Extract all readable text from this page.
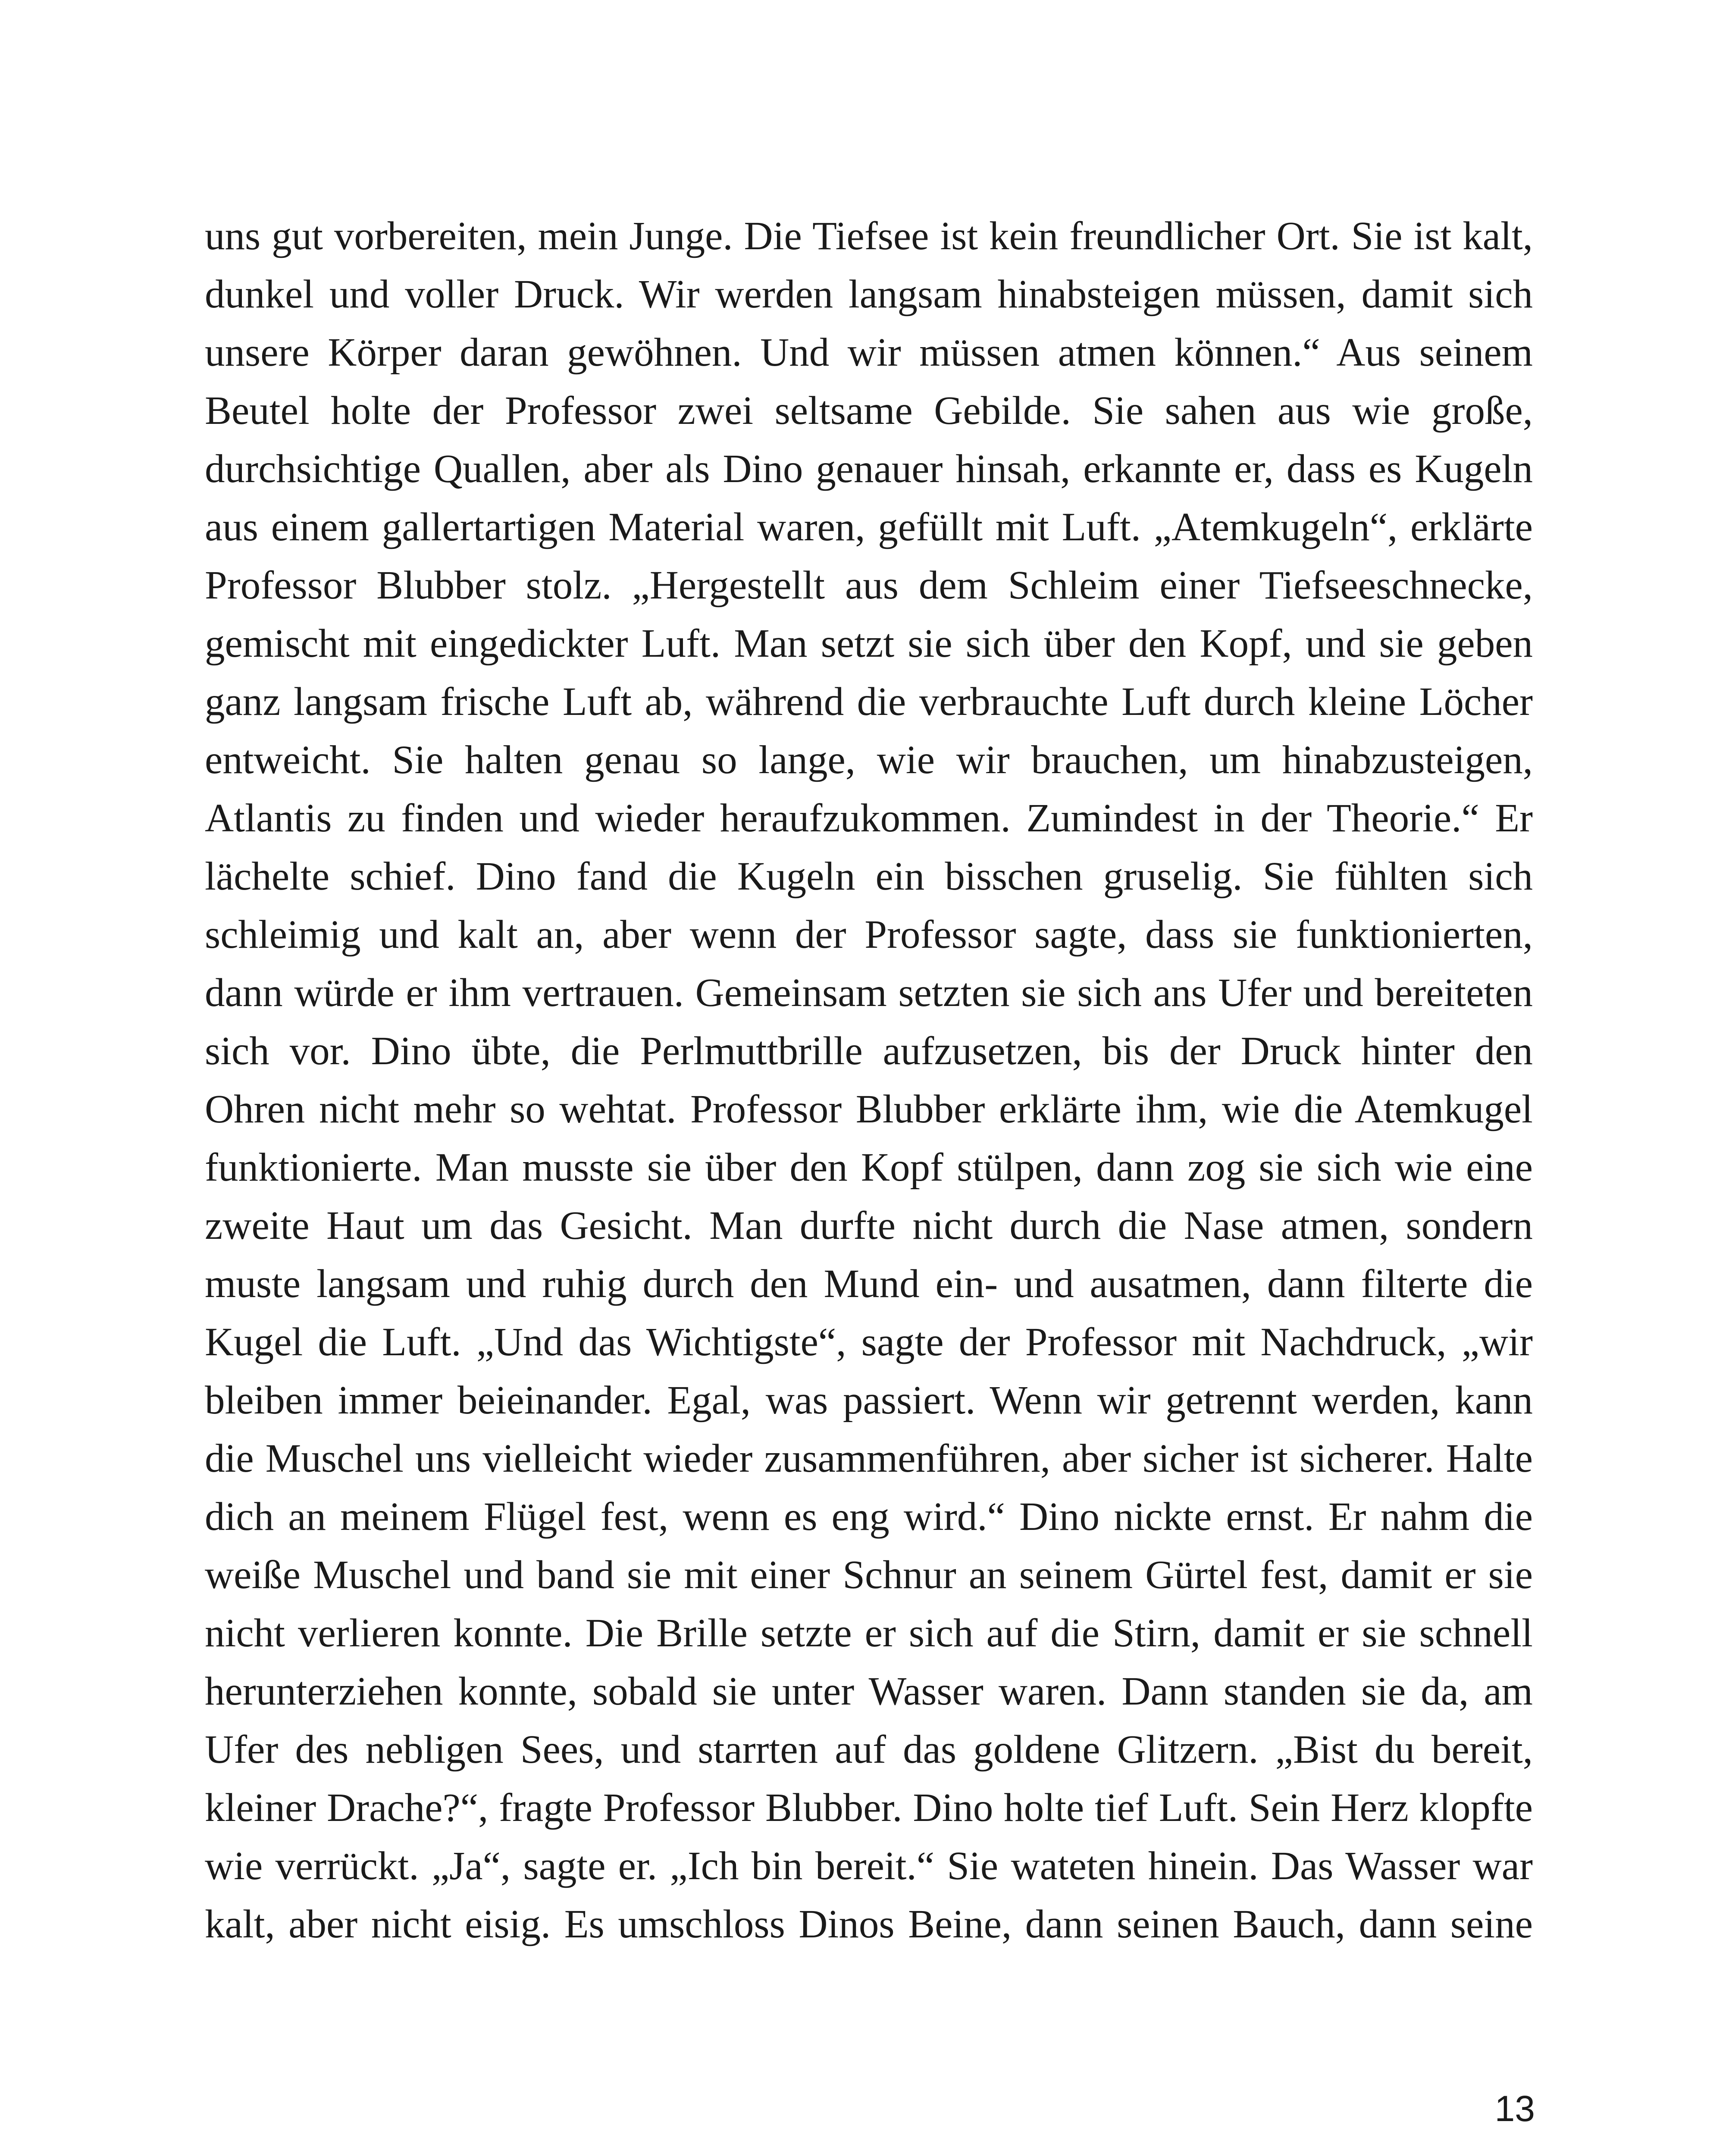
uns gut vorbereiten, mein Junge. Die Tiefsee ist kein freundlicher Ort. Sie ist kalt,
dunkel und voller Druck. Wir werden langsam hinabsteigen müssen, damit sich
unsere Körper daran gewöhnen. Und wir müssen atmen können.“ Aus seinem
Beutel holte der Professor zwei seltsame Gebilde. Sie sahen aus wie große,
durchsichtige Quallen, aber als Dino genauer hinsah, erkannte er, dass es Kugeln
aus einem gallertartigen Material waren, gefüllt mit Luft. „Atemkugeln“, erklärte
Professor Blubber stolz. „Hergestellt aus dem Schleim einer Tiefseeschnecke,
gemischt mit eingedickter Luft. Man setzt sie sich über den Kopf, und sie geben
ganz langsam frische Luft ab, während die verbrauchte Luft durch kleine Löcher
entweicht. Sie halten genau so lange, wie wir brauchen, um hinabzusteigen,
Atlantis zu finden und wieder heraufzukommen. Zumindest in der Theorie.“ Er
lächelte schief. Dino fand die Kugeln ein bisschen gruselig. Sie fühlten sich
schleimig und kalt an, aber wenn der Professor sagte, dass sie funktionierten,
dann würde er ihm vertrauen. Gemeinsam setzten sie sich ans Ufer und bereiteten
sich vor. Dino übte, die Perlmuttbrille aufzusetzen, bis der Druck hinter den
Ohren nicht mehr so wehtat. Professor Blubber erklärte ihm, wie die Atemkugel
funktionierte. Man musste sie über den Kopf stülpen, dann zog sie sich wie eine
zweite Haut um das Gesicht. Man durfte nicht durch die Nase atmen, sondern
muste langsam und ruhig durch den Mund ein- und ausatmen, dann filterte die
Kugel die Luft. „Und das Wichtigste“, sagte der Professor mit Nachdruck, „wir
bleiben immer beieinander. Egal, was passiert. Wenn wir getrennt werden, kann
die Muschel uns vielleicht wieder zusammenführen, aber sicher ist sicherer. Halte
dich an meinem Flügel fest, wenn es eng wird.“ Dino nickte ernst. Er nahm die
weiße Muschel und band sie mit einer Schnur an seinem Gürtel fest, damit er sie
nicht verlieren konnte. Die Brille setzte er sich auf die Stirn, damit er sie schnell
herunterziehen konnte, sobald sie unter Wasser waren. Dann standen sie da, am
Ufer des nebligen Sees, und starrten auf das goldene Glitzern. „Bist du bereit,
kleiner Drache?“, fragte Professor Blubber. Dino holte tief Luft. Sein Herz klopfte
wie verrückt. „Ja“, sagte er. „Ich bin bereit.“ Sie wateten hinein. Das Wasser war
kalt, aber nicht eisig. Es umschloss Dinos Beine, dann seinen Bauch, dann seine
13
